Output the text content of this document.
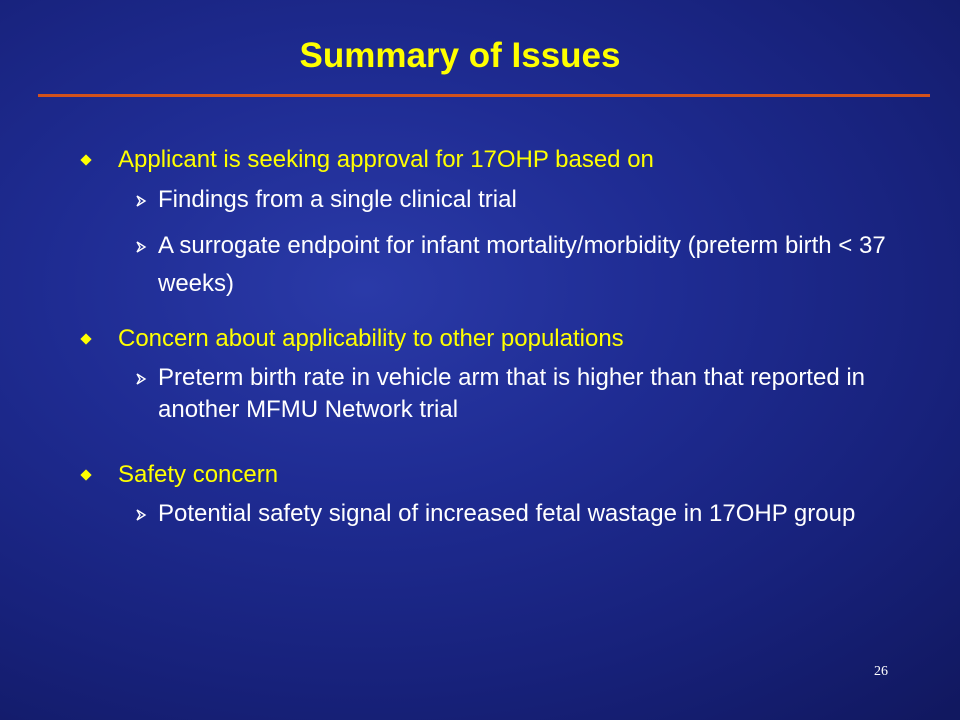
Summary of Issues
Applicant is seeking approval for 17OHP based on
Findings from a single clinical trial
A surrogate endpoint for infant mortality/morbidity (preterm birth < 37 weeks)
Concern about applicability to other populations
Preterm birth rate in vehicle arm that is higher than that reported in another MFMU Network trial
Safety concern
Potential safety signal of increased fetal wastage in 17OHP group
26
